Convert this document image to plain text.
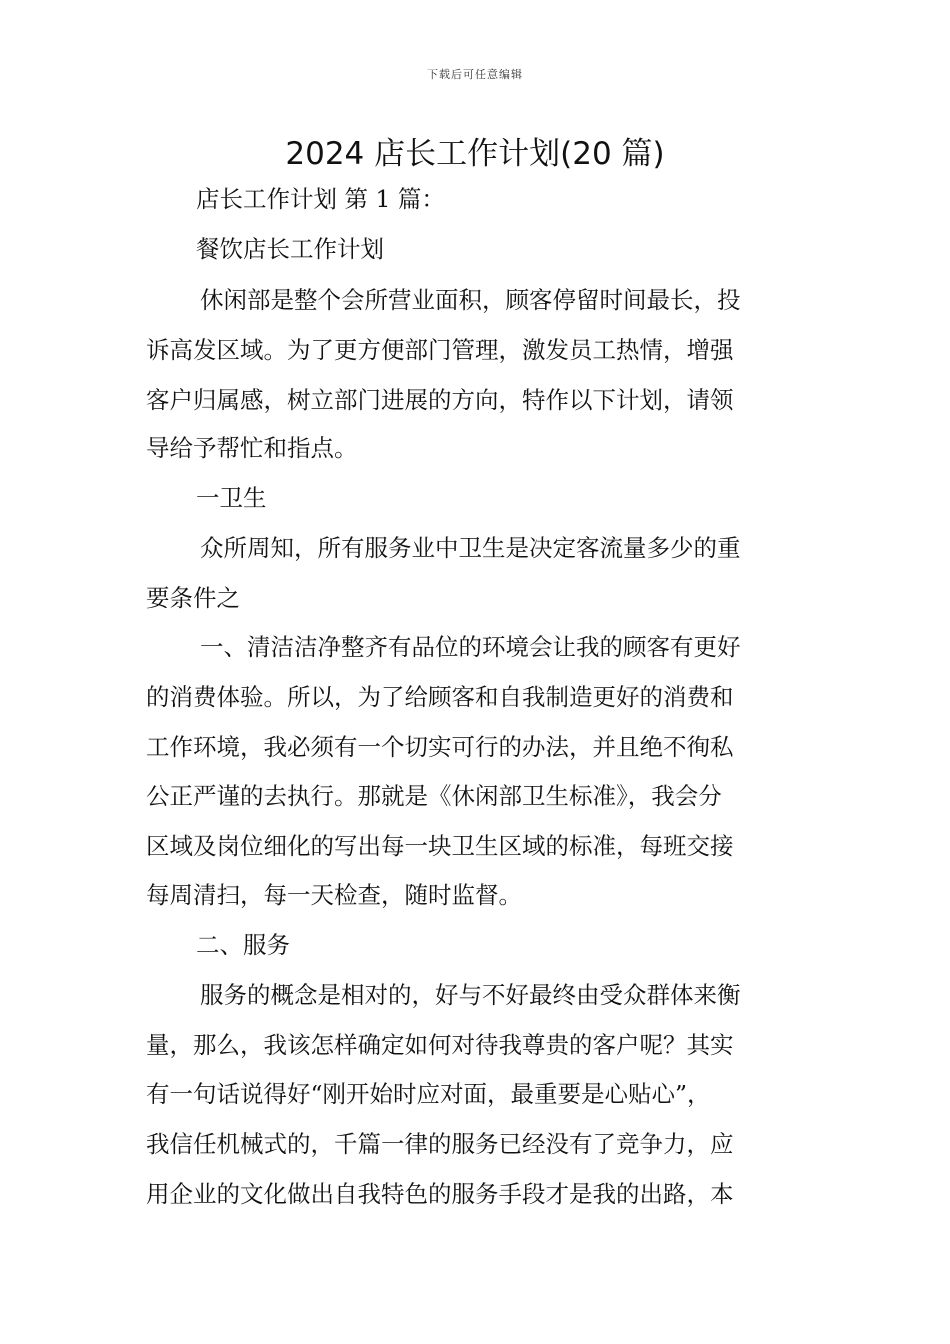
下载后可任意编辑
2024 店长工作计划(20 篇)

店长工作计划 第 1 篇：

餐饮店长工作计划

休闲部是整个会所营业面积，顾客停留时间最长，投

诉高发区域。为了更方便部门管理，激发员工热情，增强

客户归属感，树立部门进展的方向，特作以下计划，请领

导给予帮忙和指点。

一卫生

众所周知，所有服务业中卫生是决定客流量多少的重

要条件之

一、清洁洁净整齐有品位的环境会让我的顾客有更好

的消费体验。所以，为了给顾客和自我制造更好的消费和

工作环境，我必须有一个切实可行的办法，并且绝不徇私

公正严谨的去执行。那就是《休闲部卫生标准》，我会分

区域及岗位细化的写出每一块卫生区域的标准，每班交接

每周清扫，每一天检查，随时监督。

二、服务

服务的概念是相对的，好与不好最终由受众群体来衡

量，那么，我该怎样确定如何对待我尊贵的客户呢？其实

有一句话说得好“刚开始时应对面，最重要是心贴心”，

我信任机械式的，千篇一律的服务已经没有了竞争力，应

用企业的文化做出自我特色的服务手段才是我的出路，本
